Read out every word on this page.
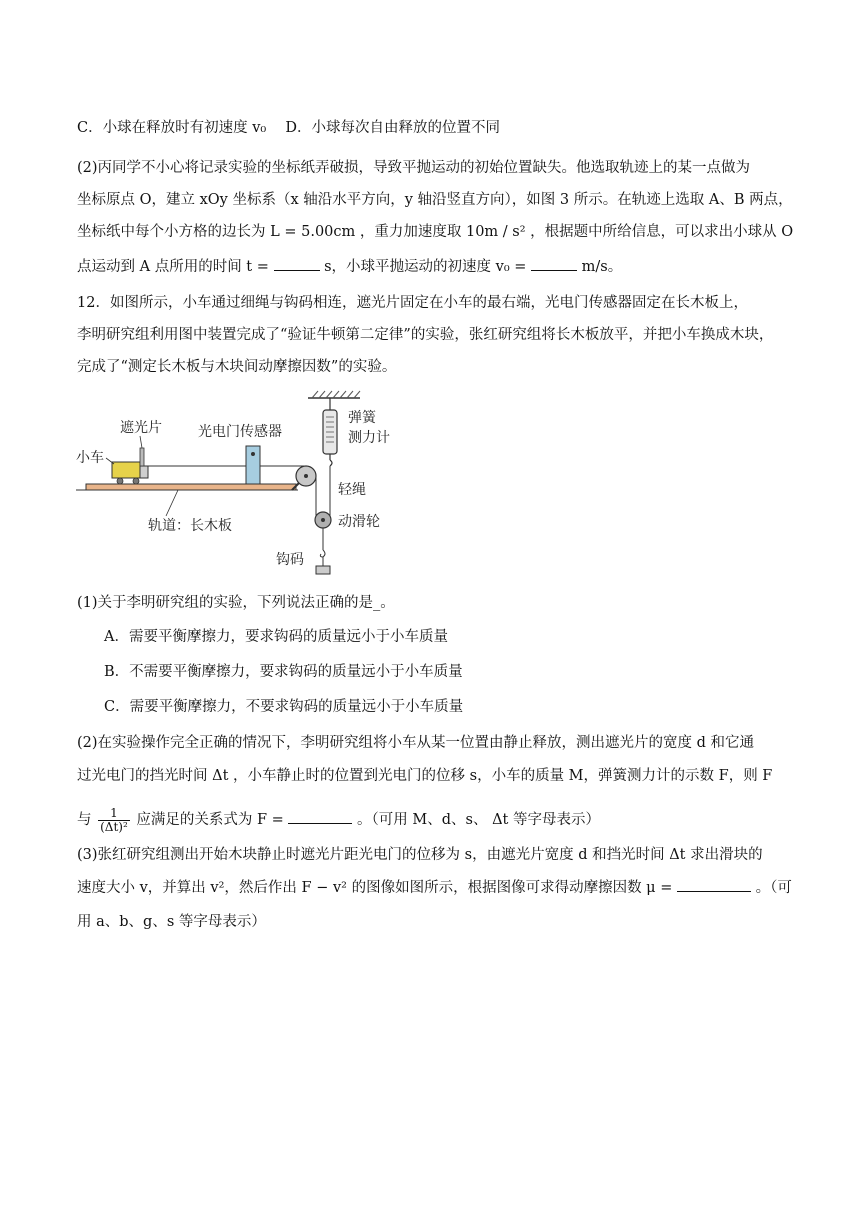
C．小球在释放时有初速度 v₀　 D．小球每次自由释放的位置不同
(2)丙同学不小心将记录实验的坐标纸弄破损，导致平抛运动的初始位置缺失。他选取轨迹上的某一点做为
坐标原点 O，建立 xOy 坐标系（x 轴沿水平方向，y 轴沿竖直方向），如图 3 所示。在轨迹上选取 A、B 两点，
坐标纸中每个小方格的边长为 L = 5.00cm ，重力加速度取 10m / s² ，根据题中所给信息，可以求出小球从 O
点运动到 A 点所用的时间 t =	s，小球平抛运动的初速度 v₀ =	m/s。
12．如图所示，小车通过细绳与钩码相连，遮光片固定在小车的最右端，光电门传感器固定在长木板上，
李明研究组利用图中装置完成了“验证牛顿第二定律”的实验，张红研究组将长木板放平，并把小车换成木块，
完成了“测定长木板与木块间动摩擦因数”的实验。
弹簧
测力计
遮光片	光电门传感器
小车
轨道：长木板
轻绳
动滑轮
钩码
(1)关于李明研究组的实验，下列说法正确的是_。
A．需要平衡摩擦力，要求钩码的质量远小于小车质量
B．不需要平衡摩擦力，要求钩码的质量远小于小车质量
C．需要平衡摩擦力，不要求钩码的质量远小于小车质量
(2)在实验操作完全正确的情况下，李明研究组将小车从某一位置由静止释放，测出遮光片的宽度 d 和它通
过光电门的挡光时间 Δt ，小车静止时的位置到光电门的位移 s，小车的质量 M，弹簧测力计的示数 F，则 F
与 $\frac{1}{\text{(Δt)²}}$ 应满足的关系式为 F =	。（可用 M、d、s、 Δt 等字母表示）
(3)张红研究组测出开始木块静止时遮光片距光电门的位移为 s，由遮光片宽度 d 和挡光时间 Δt 求出滑块的
速度大小 v，并算出 v²，然后作出 F − v² 的图像如图所示，根据图像可求得动摩擦因数 μ =	。（可
用 a、b、g、s 等字母表示）
